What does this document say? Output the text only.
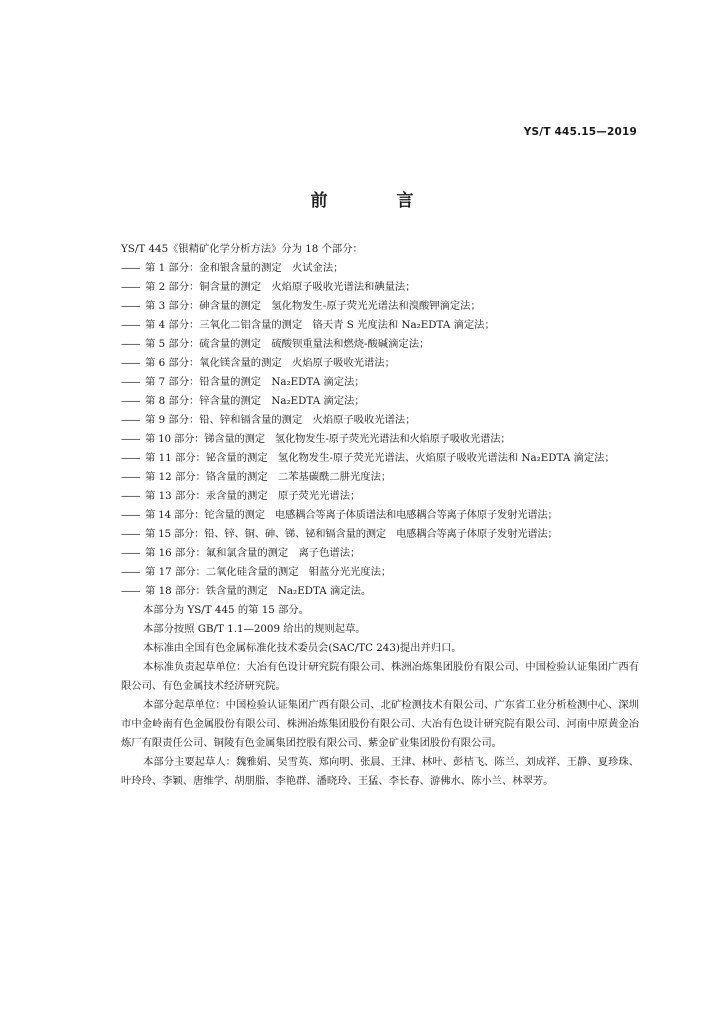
YS/T 445.15—2019
前　言
YS/T 445《银精矿化学分析方法》分为 18 个部分：
—— 第 1 部分：金和银含量的测定　火试金法；
—— 第 2 部分：铜含量的测定　火焰原子吸收光谱法和碘量法；
—— 第 3 部分：砷含量的测定　氢化物发生-原子荧光光谱法和溴酸钾滴定法；
—— 第 4 部分：三氧化二铝含量的测定　铬天青 S 光度法和 Na₂EDTA 滴定法；
—— 第 5 部分：硫含量的测定　硫酸钡重量法和燃烧-酸碱滴定法；
—— 第 6 部分：氧化镁含量的测定　火焰原子吸收光谱法；
—— 第 7 部分：铅含量的测定　Na₂EDTA 滴定法；
—— 第 8 部分：锌含量的测定　Na₂EDTA 滴定法；
—— 第 9 部分：铅、锌和镉含量的测定　火焰原子吸收光谱法；
—— 第 10 部分：锑含量的测定　氢化物发生-原子荧光光谱法和火焰原子吸收光谱法；
—— 第 11 部分：铋含量的测定　氢化物发生-原子荧光光谱法、火焰原子吸收光谱法和 Na₂EDTA 滴定法；
—— 第 12 部分：铬含量的测定　二苯基碳酰二肼光度法；
—— 第 13 部分：汞含量的测定　原子荧光光谱法；
—— 第 14 部分：铊含量的测定　电感耦合等离子体质谱法和电感耦合等离子体原子发射光谱法；
—— 第 15 部分：铅、锌、铜、砷、锑、铋和镉含量的测定　电感耦合等离子体原子发射光谱法；
—— 第 16 部分：氟和氯含量的测定　离子色谱法；
—— 第 17 部分：二氧化硅含量的测定　钼蓝分光光度法；
—— 第 18 部分：铁含量的测定　Na₂EDTA 滴定法。
本部分为 YS/T 445 的第 15 部分。
本部分按照 GB/T 1.1—2009 给出的规则起草。
本标准由全国有色金属标准化技术委员会(SAC/TC 243)提出并归口。
本标准负责起草单位：大冶有色设计研究院有限公司、株洲冶炼集团股份有限公司、中国检验认证集团广西有限公司、有色金属技术经济研究院。
本部分起草单位：中国检验认证集团广西有限公司、北矿检测技术有限公司、广东省工业分析检测中心、深圳市中金岭南有色金属股份有限公司、株洲冶炼集团股份有限公司、大冶有色设计研究院有限公司、河南中原黄金冶炼厂有限责任公司、铜陵有色金属集团控股有限公司、紫金矿业集团股份有限公司。
本部分主要起草人：魏雅娟、吴雪英、郑向明、张晨、王津、林叶、彭桔飞、陈兰、刘成祥、王静、夏珍珠、叶玲玲、李颖、唐维学、胡朋脂、李艳群、潘晓玲、王猛、李长春、游佛水、陈小兰、林翠芳。
